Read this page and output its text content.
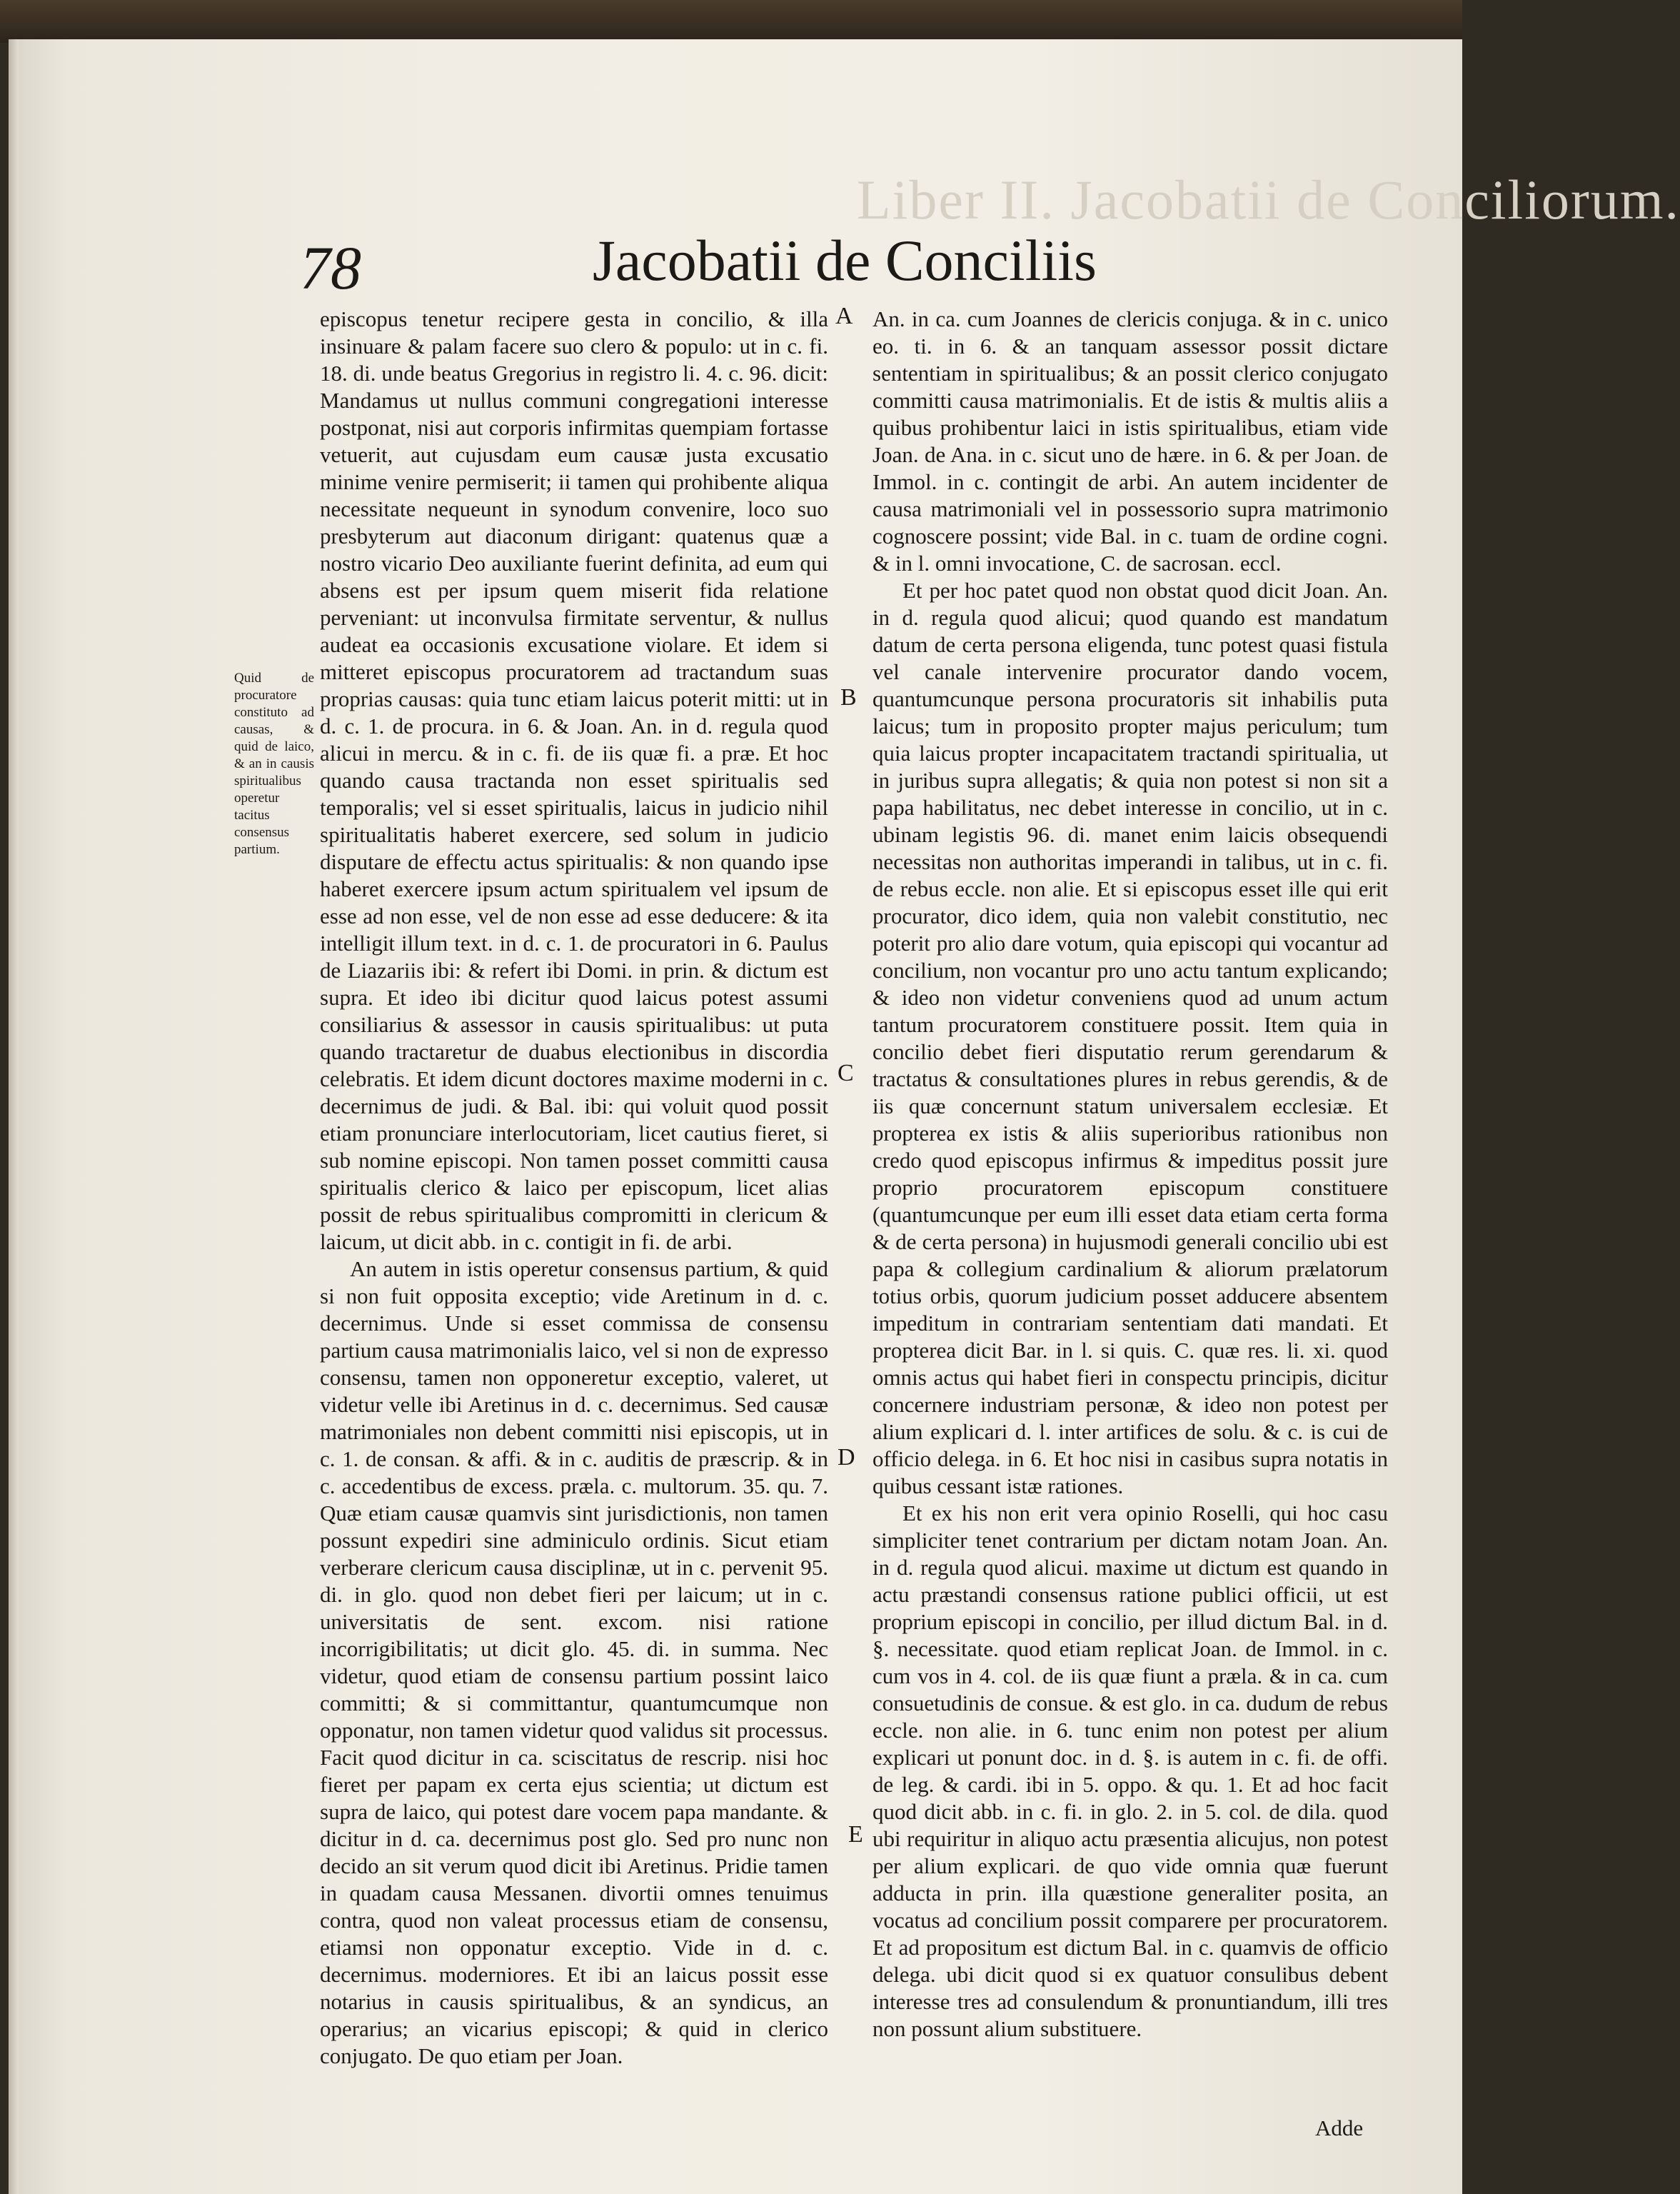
Liber II. Jacobatii de Conciliorum.
78	Jacobatii de Conciliis
Quid de procuratore constituto ad causas, & quid de laico, & an in causis spiritualibus operetur tacitus consensus partium.

episcopus tenetur recipere gesta in concilio, & illa insinuare & palam facere suo clero & populo: ut in c. fi. 18. di. unde beatus Gregorius in registro li. 4. c. 96. dicit: Mandamus ut nullus communi congregationi interesse postponat, nisi aut corporis infirmitas quempiam fortasse vetuerit, aut cujusdam eum causæ justa excusatio minime venire permiserit; ii tamen qui prohibente aliqua necessitate nequeunt in synodum convenire, loco suo presbyterum aut diaconum dirigant: quatenus quæ a nostro vicario Deo auxiliante fuerint definita, ad eum qui absens est per ipsum quem miserit fida relatione perveniant: ut inconvulsa firmitate serventur, & nullus audeat ea occasionis excusatione violare. Et idem si mitteret episcopus procuratorem ad tractandum suas proprias causas: quia tunc etiam laicus poterit mitti: ut in d. c. 1. de procura. in 6. & Joan. An. in d. regula quod alicui in mercu. & in c. fi. de iis quæ fi. a præ. Et hoc quando causa tractanda non esset spiritualis sed temporalis; vel si esset spiritualis, laicus in judicio nihil spiritualitatis haberet exercere, sed solum in judicio disputare de effectu actus spiritualis: & non quando ipse haberet exercere ipsum actum spiritualem vel ipsum de esse ad non esse, vel de non esse ad esse deducere: & ita intelligit illum text. in d. c. 1. de procuratori in 6. Paulus de Liazariis ibi: & refert ibi Domi. in prin. & dictum est supra. Et ideo ibi dicitur quod laicus potest assumi consiliarius & assessor in causis spiritualibus: ut puta quando tractaretur de duabus electionibus in discordia celebratis. Et idem dicunt doctores maxime moderni in c. decernimus de judi. & Bal. ibi: qui voluit quod possit etiam pronunciare interlocutoriam, licet cautius fieret, si sub nomine episcopi. Non tamen posset committi causa spiritualis clerico & laico per episcopum, licet alias possit de rebus spiritualibus compromitti in clericum & laicum, ut dicit abb. in c. contigit in fi. de arbi.

An autem in istis operetur consensus partium, & quid si non fuit opposita exceptio; vide Aretinum in d. c. decernimus. Unde si esset commissa de consensu partium causa matrimonialis laico, vel si non de expresso consensu, tamen non opponeretur exceptio, valeret, ut videtur velle ibi Aretinus in d. c. decernimus. Sed causæ matrimoniales non debent committi nisi episcopis, ut in c. 1. de consan. & affi. & in c. auditis de præscrip. & in c. accedentibus de excess. præla. c. multorum. 35. qu. 7. Quæ etiam causæ quamvis sint jurisdictionis, non tamen possunt expediri sine adminiculo ordinis. Sicut etiam verberare clericum causa disciplinæ, ut in c. pervenit 95. di. in glo. quod non debet fieri per laicum; ut in c. universitatis de sent. excom. nisi ratione incorrigibilitatis; ut dicit glo. 45. di. in summa. Nec videtur, quod etiam de consensu partium possint laico committi; & si committantur, quantumcumque non opponatur, non tamen videtur quod validus sit processus. Facit quod dicitur in ca. sciscitatus de rescrip. nisi hoc fieret per papam ex certa ejus scientia; ut dictum est supra de laico, qui potest dare vocem papa mandante. & dicitur in d. ca. decernimus post glo. Sed pro nunc non decido an sit verum quod dicit ibi Aretinus. Pridie tamen in quadam causa Messanen. divortii omnes tenuimus contra, quod non valeat processus etiam de consensu, etiamsi non opponatur exceptio. Vide in d. c. decernimus. moderniores. Et ibi an laicus possit esse notarius in causis spiritualibus, & an syndicus, an operarius; an vicarius episcopi; & quid in clerico conjugato. De quo etiam per Joan.

An. in ca. cum Joannes de clericis conjuga. & in c. unico eo. ti. in 6. & an tanquam assessor possit dictare sententiam in spiritualibus; & an possit clerico conjugato committi causa matrimonialis. Et de istis & multis aliis a quibus prohibentur laici in istis spiritualibus, etiam vide Joan. de Ana. in c. sicut uno de hære. in 6. & per Joan. de Immol. in c. contingit de arbi. An autem incidenter de causa matrimoniali vel in possessorio supra matrimonio cognoscere possint; vide Bal. in c. tuam de ordine cogni. & in l. omni invocatione, C. de sacrosan. eccl.

Et per hoc patet quod non obstat quod dicit Joan. An. in d. regula quod alicui; quod quando est mandatum datum de certa persona eligenda, tunc potest quasi fistula vel canale intervenire procurator dando vocem, quantumcunque persona procuratoris sit inhabilis puta laicus; tum in proposito propter majus periculum; tum quia laicus propter incapacitatem tractandi spiritualia, ut in juribus supra allegatis; & quia non potest si non sit a papa habilitatus, nec debet interesse in concilio, ut in c. ubinam legistis 96. di. manet enim laicis obsequendi necessitas non authoritas imperandi in talibus, ut in c. fi. de rebus eccle. non alie. Et si episcopus esset ille qui erit procurator, dico idem, quia non valebit constitutio, nec poterit pro alio dare votum, quia episcopi qui vocantur ad concilium, non vocantur pro uno actu tantum explicando; & ideo non videtur conveniens quod ad unum actum tantum procuratorem constituere possit. Item quia in concilio debet fieri disputatio rerum gerendarum & tractatus & consultationes plures in rebus gerendis, & de iis quæ concernunt statum universalem ecclesiæ. Et propterea ex istis & aliis superioribus rationibus non credo quod episcopus infirmus & impeditus possit jure proprio procuratorem episcopum constituere (quantumcunque per eum illi esset data etiam certa forma & de certa persona) in hujusmodi generali concilio ubi est papa & collegium cardinalium & aliorum prælatorum totius orbis, quorum judicium posset adducere absentem impeditum in contrariam sententiam dati mandati. Et propterea dicit Bar. in l. si quis. C. quæ res. li. xi. quod omnis actus qui habet fieri in conspectu principis, dicitur concernere industriam personæ, & ideo non potest per alium explicari d. l. inter artifices de solu. & c. is cui de officio delega. in 6. Et hoc nisi in casibus supra notatis in quibus cessant istæ rationes.

Et ex his non erit vera opinio Roselli, qui hoc casu simpliciter tenet contrarium per dictam notam Joan. An. in d. regula quod alicui. maxime ut dictum est quando in actu præstandi consensus ratione publici officii, ut est proprium episcopi in concilio, per illud dictum Bal. in d. §. necessitate. quod etiam replicat Joan. de Immol. in c. cum vos in 4. col. de iis quæ fiunt a præla. & in ca. cum consuetudinis de consue. & est glo. in ca. dudum de rebus eccle. non alie. in 6. tunc enim non potest per alium explicari ut ponunt doc. in d. §. is autem in c. fi. de offi. de leg. & cardi. ibi in 5. oppo. & qu. 1. Et ad hoc facit quod dicit abb. in c. fi. in glo. 2. in 5. col. de dila. quod ubi requiritur in aliquo actu præsentia alicujus, non potest per alium explicari. de quo vide omnia quæ fuerunt adducta in prin. illa quæstione generaliter posita, an vocatus ad concilium possit comparere per procuratorem. Et ad propositum est dictum Bal. in c. quamvis de officio delega. ubi dicit quod si ex quatuor consulibus debent interesse tres ad consulendum & pronuntiandum, illi tres non possunt alium substituere.

A
B
C
D
E
Adde
